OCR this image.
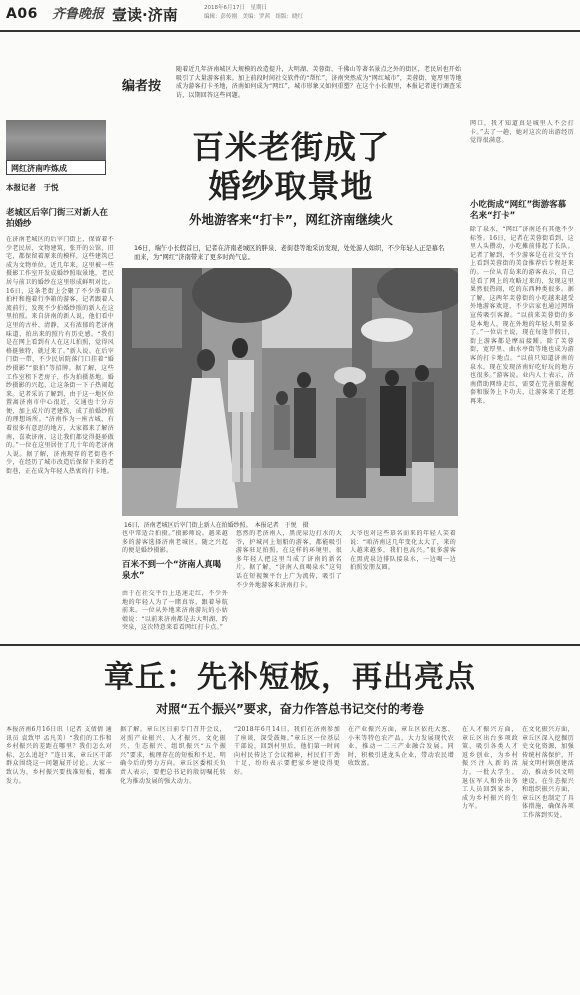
A06 齐鲁晚报 壹读·济南	2018年6月17日　星期日
编辑：彭传刚　美编：罗茜　组版：晓红
编者按
随着近几年济南城区大规模的改造提升，大明湖、芙蓉街、千佛山等著名景点之外的街区，老民居也开始吸引了大量游客前来。加上前段时间社交软件的“帮忙”，济南突然成为“网红城市”，芙蓉街、宽厚里等地成为游客打卡圣地，济南如何成为“网红”，城市形象又如何重塑？在这个小长假里，本报记者进行调查采访，以期回答这些问题。
网红济南咋炼成
本报记者　于悦
老城区后宰门街三对新人在拍婚纱
在济南老城区的后宰门街上，保留着不少老民居、文物建筑，张开的公馆、旧宅，都保留着原来的模样，这些建筑已成为文物单位。近几年来，这里被一些摄影工作室开发成婚纱照取景地，老民居与前卫的婚纱在这里形成鲜明对比。16日，这条老街上会聚了不少举着自拍杆和拖着行李箱的游客，记者跟着人流前行，发现不少拍婚纱照的新人在这里拍照。来自济南的新人说，他们看中这里的古朴、清静，又有浓郁的老济南味道，拍出来的照片有历史感。“我们是在网上看到有人在这儿拍照，觉得风格挺独特，就过来了。”新人说。在后宰门街一带，不少民居院落门口挂着“婚纱摄影”“旅拍”等招牌。据了解，这些工作室租下老房子，作为拍摄基地。婚纱摄影的兴起，让这条街一下子热闹起来。记者采访了解到，由于这一地区位置离济南市中心很近，交通也十分方便，加上成片的老建筑，成了拍婚纱照的理想场所。“济南作为一座古城，有着很多有意思的地方，大家都来了解济南，喜欢济南，这让我们都觉得挺骄傲的。”一位在这里居住了几十年的老济南人说。据了解，济南现存的老街巷不少，在经历了城市改造后保留下来的老街巷，正在成为年轻人热衷的打卡地。
百米老街成了
婚纱取景地
外地游客来“打卡”，网红济南继续火
16日，端午小长假首日，记者在济南老城区的胖泉、老街巷等地采访发现，处处游人如织，不少年轻人正是慕名而来，为“网红”济南带来了更多时尚气息。
16日，济南老城区后宰门街上新人在拍婚纱照。　本报记者　于悦　摄
也中常适合拍摄。”摄影师说。越来越多的游客选择济南老城区，随之兴起的便是婚纱摄影。
百米不到一个“济南人真喝泉水”
由于在社交平台上迅速走红，不少外地的年轻人为了一睹真容，跟着导航前来。一位从外地来济南游玩的小姑娘说：“以前来济南都是去大明湖、趵突泉，这次特意来看看网红打卡点。”
悠然的老济南人，黑虎泉边打水的大爷，护城河上划船的游客，都能吸引游客驻足拍照。在这样的环境里，很多年轻人把这里当成了济南的新名片。据了解，“济南人真喝泉水”这句话在短视频平台上广为流传，吸引了不少外地游客来济南打卡。
大爷也对这些慕名而来的年轻人笑着说：“咱济南这几年变化太大了，来的人越来越多，我们也高兴。”很多游客在黑虎泉边排队接泉水，一边喝一边拍照发朋友圈。
网口，我才知道真是城里人不会打卡。”去了一趟，她对这次的出游经历觉得很满意。
小吃街成“网红”街游客慕名来“打卡”
除了泉水，“网红”济南还有其他不少标签。16日，记者在芙蓉街看到，这里人头攒动，小吃摊前排起了长队。记者了解到，不少游客是在社交平台上看到芙蓉街的美食推荐后专程赶来的。一位从青岛来的游客表示，自己是看了网上的攻略过来的，发现这里果然很热闹，吃的东西种类很多。据了解，这两年芙蓉街的小吃越来越受外地游客欢迎，不少店家也通过网络宣传吸引客源。“以前来芙蓉街的多是本地人，现在外地的年轻人明显多了。”一位店主说，现在每逢节假日，街上游客都是摩肩接踵。除了芙蓉街，宽厚里、曲水亭街等地也成为游客的打卡地点。“以前只知道济南的泉水，现在发现济南好吃好玩的地方也很多。”游客说。业内人士表示，济南借助网络走红，需要在完善旅游配套和服务上下功夫，让游客来了还想再来。
章丘：先补短板，再出亮点
对照“五个振兴”要求，奋力作答总书记交付的考卷
本报济南6月16日讯（记者 支倩倩 通讯员 袁致甲 孟凡美）“我们的工作和乡村振兴的差距在哪里？我们怎么对标、怎么追赶？”连日来，章丘区干部群众围绕这一问题展开讨论。大家一致认为，乡村振兴要找准短板，精准发力。
据了解，章丘区日前专门召开会议，对照产业振兴、人才振兴、文化振兴、生态振兴、组织振兴“五个振兴”要求，梳理存在的短板和不足，明确今后的努力方向。章丘区委相关负责人表示，要把总书记的殷切嘱托转化为推动发展的强大动力。
“2018年6月14日，我们在济南参加了座谈，深受鼓舞。”章丘区一位基层干部说，回到村里后，他们第一时间向村民传达了会议精神，村民们干劲十足，纷纷表示要把家乡建设得更好。
在产业振兴方面，章丘区依托大葱、小米等特色农产品，大力发展现代农业，推动一二三产业融合发展。同时，积极引进龙头企业，带动农民增收致富。
在人才振兴方面，章丘区出台多项政策，吸引各类人才返乡创业，为乡村振兴注入新的活力。一批大学生、退伍军人和外出务工人员回到家乡，成为乡村振兴的生力军。
在文化振兴方面，章丘区深入挖掘历史文化资源，加强传统村落保护，开展文明村镇创建活动，推动乡风文明建设。在生态振兴和组织振兴方面，章丘区也制定了具体措施，确保各项工作落到实处。
